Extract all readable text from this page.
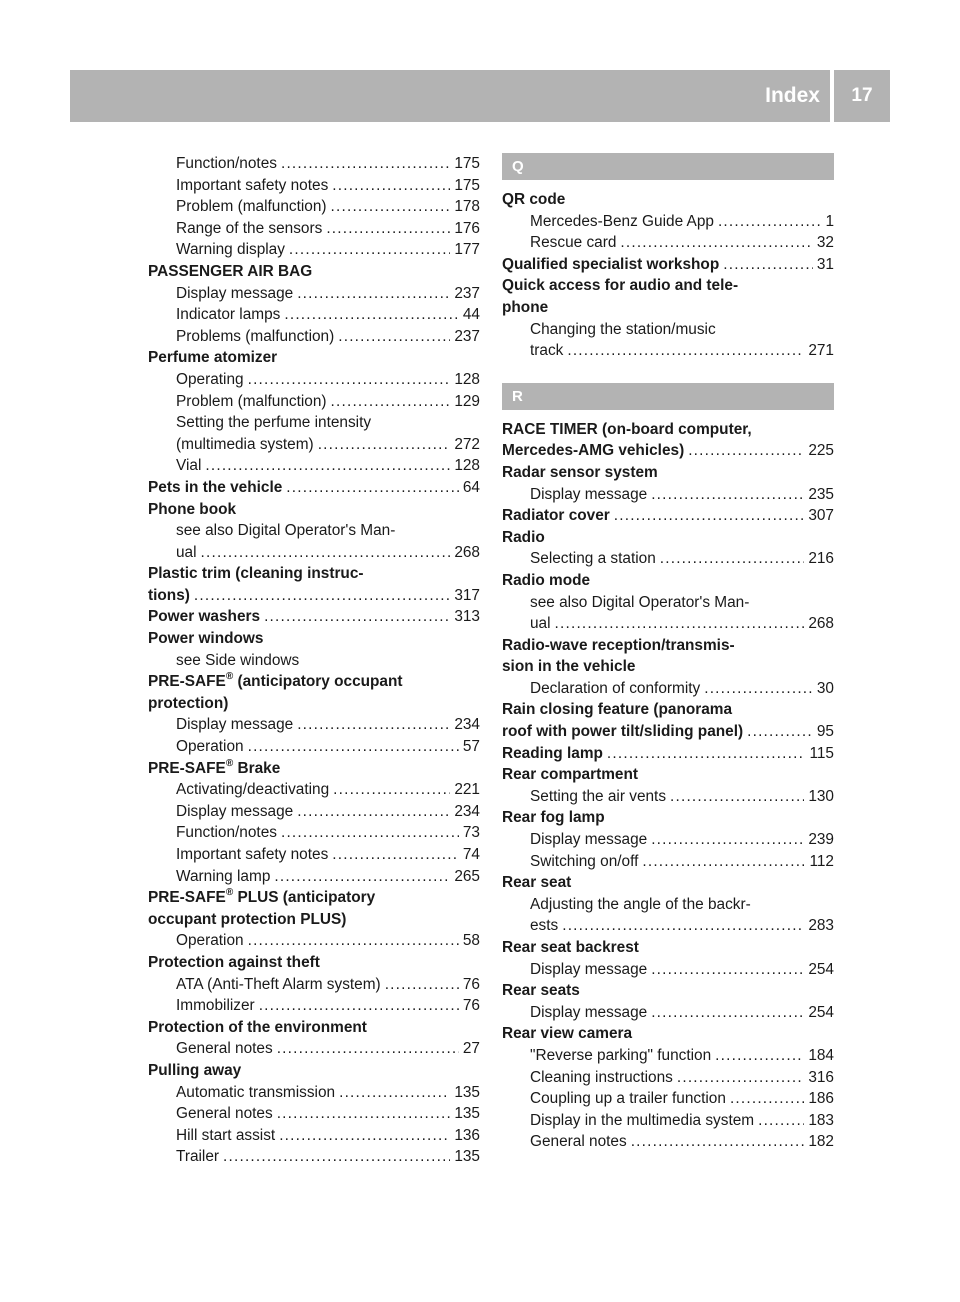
Index	17
Function/notes .....	175
Important safety notes .....	175
Problem (malfunction) .....	178
Range of the sensors .....	176
Warning display .....	177
PASSENGER AIR BAG
Display message .....	237
Indicator lamps .....	44
Problems (malfunction) .....	237
Perfume atomizer
Operating .....	128
Problem (malfunction) .....	129
Setting the perfume intensity
(multimedia system) .....	272
Vial .....	128
Pets in the vehicle .....	64
Phone book
see also Digital Operator's Man-
ual .....	268
Plastic trim (cleaning instruc-
tions) .....	317
Power washers .....	313
Power windows
see Side windows
PRE-SAFE® (anticipatory occupant
protection)
Display message .....	234
Operation .....	57
PRE-SAFE® Brake
Activating/deactivating .....	221
Display message .....	234
Function/notes .....	73
Important safety notes .....	74
Warning lamp .....	265
PRE-SAFE® PLUS (anticipatory
occupant protection PLUS)
Operation .....	58
Protection against theft
ATA (Anti-Theft Alarm system) .....	76
Immobilizer .....	76
Protection of the environment
General notes .....	27
Pulling away
Automatic transmission .....	135
General notes .....	135
Hill start assist .....	136
Trailer .....	135
Q
QR code
Mercedes-Benz Guide App .....	1
Rescue card .....	32
Qualified specialist workshop .....	31
Quick access for audio and tele-
phone
Changing the station/music
track .....	271
R
RACE TIMER (on-board computer,
Mercedes-AMG vehicles) .....	225
Radar sensor system
Display message .....	235
Radiator cover .....	307
Radio
Selecting a station .....	216
Radio mode
see also Digital Operator's Man-
ual .....	268
Radio-wave reception/transmis-
sion in the vehicle
Declaration of conformity .....	30
Rain closing feature (panorama
roof with power tilt/sliding panel) .....	95
Reading lamp .....	115
Rear compartment
Setting the air vents .....	130
Rear fog lamp
Display message .....	239
Switching on/off .....	112
Rear seat
Adjusting the angle of the backr-
ests .....	283
Rear seat backrest
Display message .....	254
Rear seats
Display message .....	254
Rear view camera
"Reverse parking" function .....	184
Cleaning instructions .....	316
Coupling up a trailer function .....	186
Display in the multimedia system .....	183
General notes .....	182
